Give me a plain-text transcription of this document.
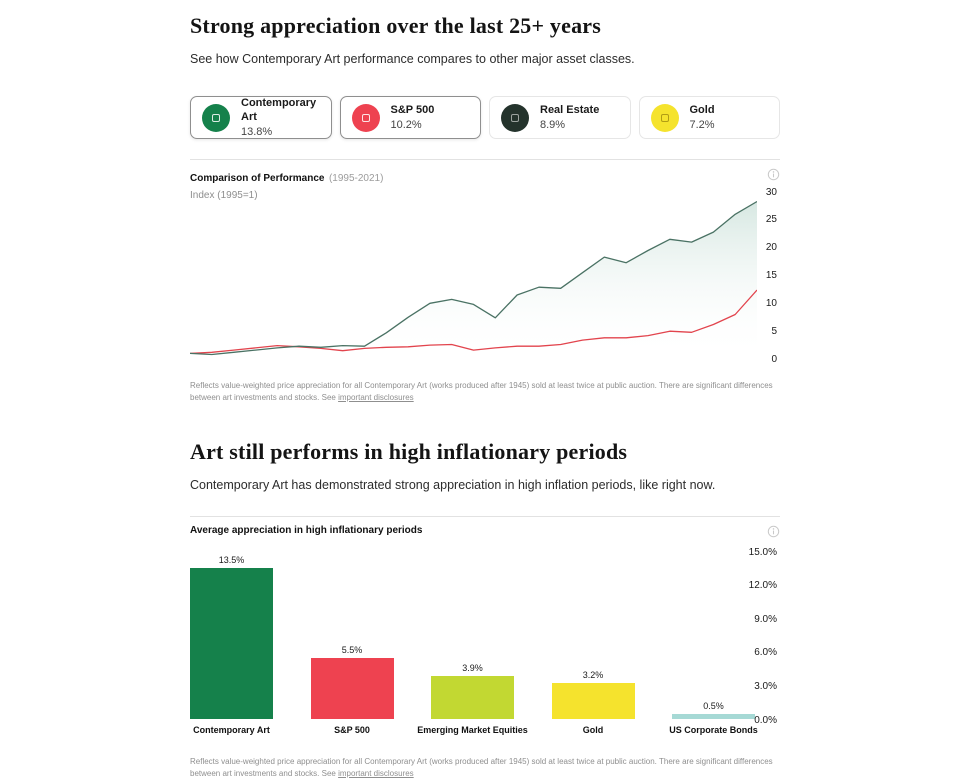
Strong appreciation over the last 25+ years

See how Contemporary Art performance compares to other major asset classes.

Contemporary Art
13.8%
S&P 500
10.2%
Real Estate
8.9%
Gold
7.2%
Comparison of Performance (1995-2021)
Index (1995=1)	30
25
20
15
10
5
0

Reflects value-weighted price appreciation for all Contemporary Art (works produced after 1945) sold at least twice at public auction. There are significant differences between art investments and stocks. See important disclosures

Art still performs in high inflationary periods

Contemporary Art has demonstrated strong appreciation in high inflation periods, like right now.

Average appreciation in high inflationary periods
13.5%
5.5%
3.9%
3.2%
0.5%
Contemporary Art	S&P 500	Emerging Market Equities	Gold	US Corporate Bonds
15.0%
12.0%
9.0%
6.0%
3.0%
0.0%

Reflects value-weighted price appreciation for all Contemporary Art (works produced after 1945) sold at least twice at public auction. There are significant differences between art investments and stocks. See important disclosures
